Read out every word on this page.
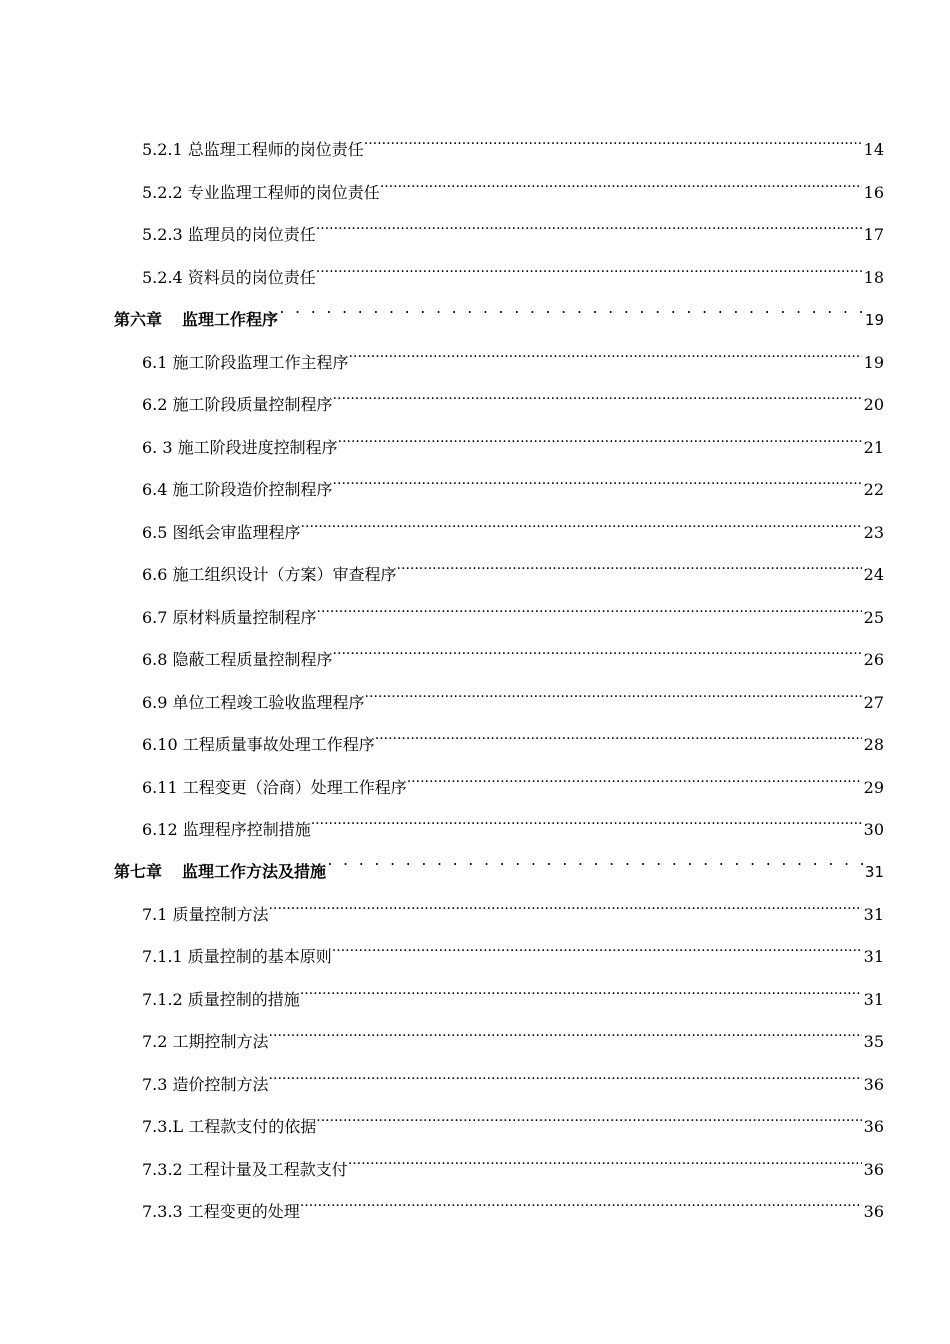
5.2.1 总监理工程师的岗位责任 .....	14
5.2.2 专业监理工程师的岗位责任 .....	16
5.2.3 监理员的岗位责任 .....	17
5.2.4 资料员的岗位责任 .....	18
第六章 监理工作程序 . . .	19
6.1 施工阶段监理工作主程序 .....	19
6.2 施工阶段质量控制程序 .....	20
6. 3 施工阶段进度控制程序 .....	21
6.4 施工阶段造价控制程序 .....	22
6.5 图纸会审监理程序 .....	23
6.6 施工组织设计（方案）审查程序 .....	24
6.7 原材料质量控制程序 .....	25
6.8 隐蔽工程质量控制程序 .....	26
6.9 单位工程竣工验收监理程序 .....	27
6.10 工程质量事故处理工作程序 .....	28
6.11 工程变更（洽商）处理工作程序 .....	29
6.12 监理程序控制措施 .....	30
第七章 监理工作方法及措施 . . .	31
7.1 质量控制方法 .....	31
7.1.1 质量控制的基本原则 .....	31
7.1.2 质量控制的措施 .....	31
7.2 工期控制方法 .....	35
7.3 造价控制方法 .....	36
7.3.L 工程款支付的依据 .....	36
7.3.2 工程计量及工程款支付 .....	36
7.3.3 工程变更的处理 .....	36
